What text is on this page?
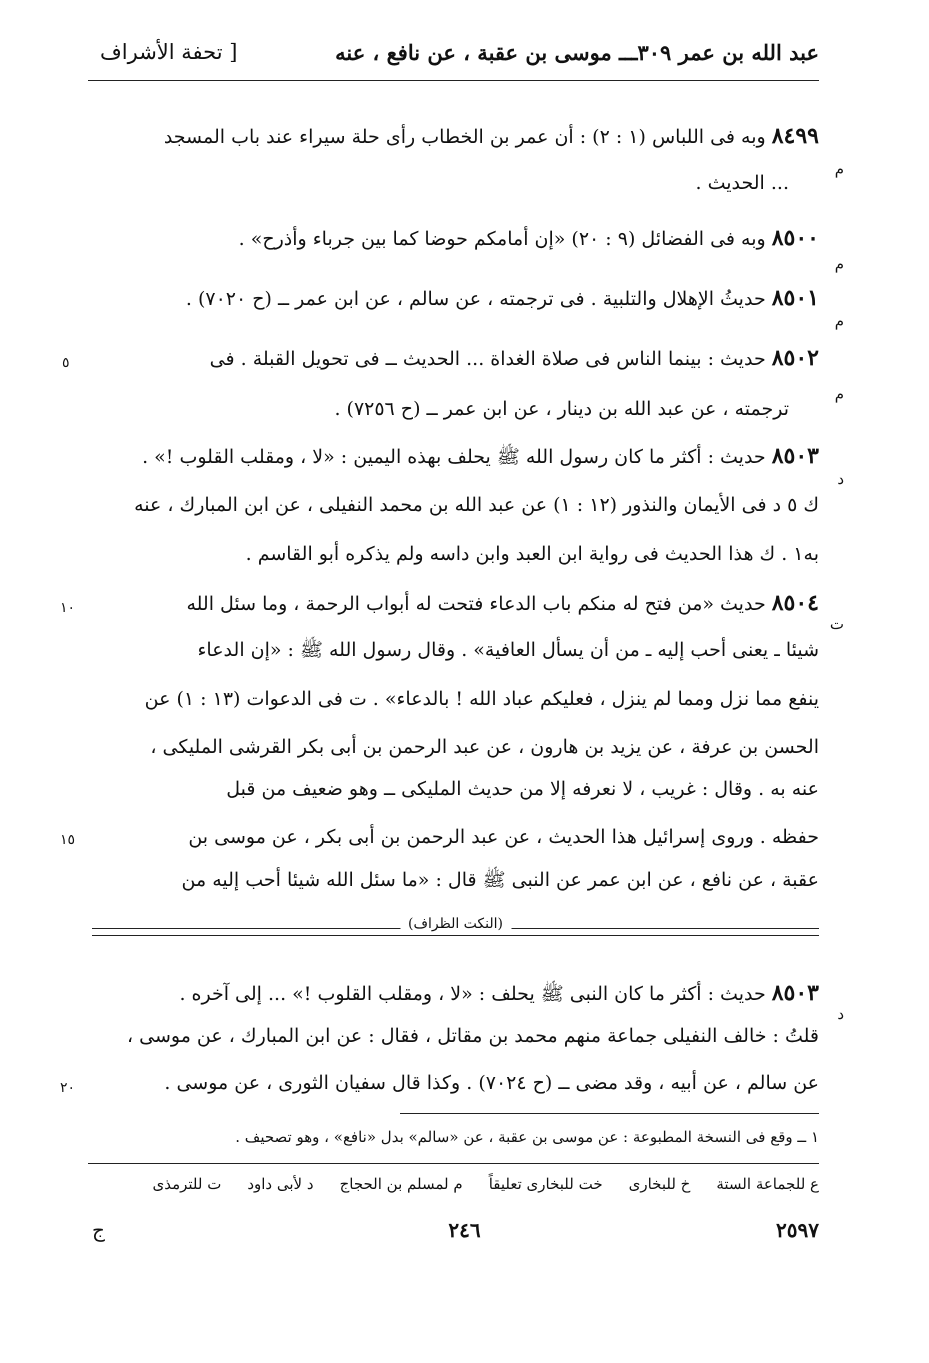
عبد الله بن عمر ٣٠٩ـــ موسى بن عقبة ، عن نافع ، عنه
[ تحفة الأشراف
٨٤٩٩ وبه فى اللباس (١ : ٢) : أن عمر بن الخطاب رأى حلة سيراء عند باب المسجد
... الحديث .
٨٥٠٠ وبه فى الفضائل (٩ : ٢٠) «إن أمامكم حوضا كما بين جرباء وأذرح» .
٨٥٠١ حديثُ الإهلال والتلبية . فى ترجمته ، عن سالم ، عن ابن عمر ــ (ح ٧٠٢٠) .
٨٥٠٢ حديث : بينما الناس فى صلاة الغداة ... الحديث ــ فى تحويل القبلة . فى
ترجمته ، عن عبد الله بن دينار ، عن ابن عمر ــ (ح ٧٢٥٦) .
٨٥٠٣ حديث : أكثر ما كان رسول الله ﷺ يحلف بهذه اليمين : «لا ، ومقلب القلوب !» .
ك ٥ د فى الأيمان والنذور (١٢ : ١) عن عبد الله بن محمد النفيلى ، عن ابن المبارك ، عنه
به١ . ك هذا الحديث فى رواية ابن العبد وابن داسه ولم يذكره أبو القاسم .
٨٥٠٤ حديث «من فتح له منكم باب الدعاء فتحت له أبواب الرحمة ، وما سئل الله
شيئا ـ يعنى أحب إليه ـ من أن يسأل العافية» . وقال رسول الله ﷺ : «إن الدعاء
ينفع مما نزل ومما لم ينزل ، فعليكم عباد الله ! بالدعاء» . ت فى الدعوات (١٣ : ١) عن
الحسن بن عرفة ، عن يزيد بن هارون ، عن عبد الرحمن بن أبى بكر القرشى المليكى ،
عنه به . وقال : غريب ، لا نعرفه إلا من حديث المليكى ــ وهو ضعيف من قبل
حفظه . وروى إسرائيل هذا الحديث ، عن عبد الرحمن بن أبى بكر ، عن موسى بن
عقبة ، عن نافع ، عن ابن عمر عن النبى ﷺ قال : «ما سئل الله شيئا أحب إليه من
م
م
م
م
د
ت
د
٥
١٠
١٥
٢٠
(النكت الظراف)
٨٥٠٣ حديث : أكثر ما كان النبى ﷺ يحلف : «لا ، ومقلب القلوب !» ... إلى آخره .
قلتُ : خالف النفيلى جماعة منهم محمد بن مقاتل ، فقال : عن ابن المبارك ، عن موسى ،
عن سالم ، عن أبيه ، وقد مضى ــ (ح ٧٠٢٤) . وكذا قال سفيان الثورى ، عن موسى .
١ ــ وقع فى النسخة المطبوعة : عن موسى بن عقبة ، عن «سالم» بدل «نافع» ، وهو تصحيف .
ع للجماعة الستة
خ للبخارى
خت للبخارى تعليقاً
م لمسلم بن الحجاج
د لأبى داود
ت للترمذى
٢٥٩٧
٢٤٦
ج
